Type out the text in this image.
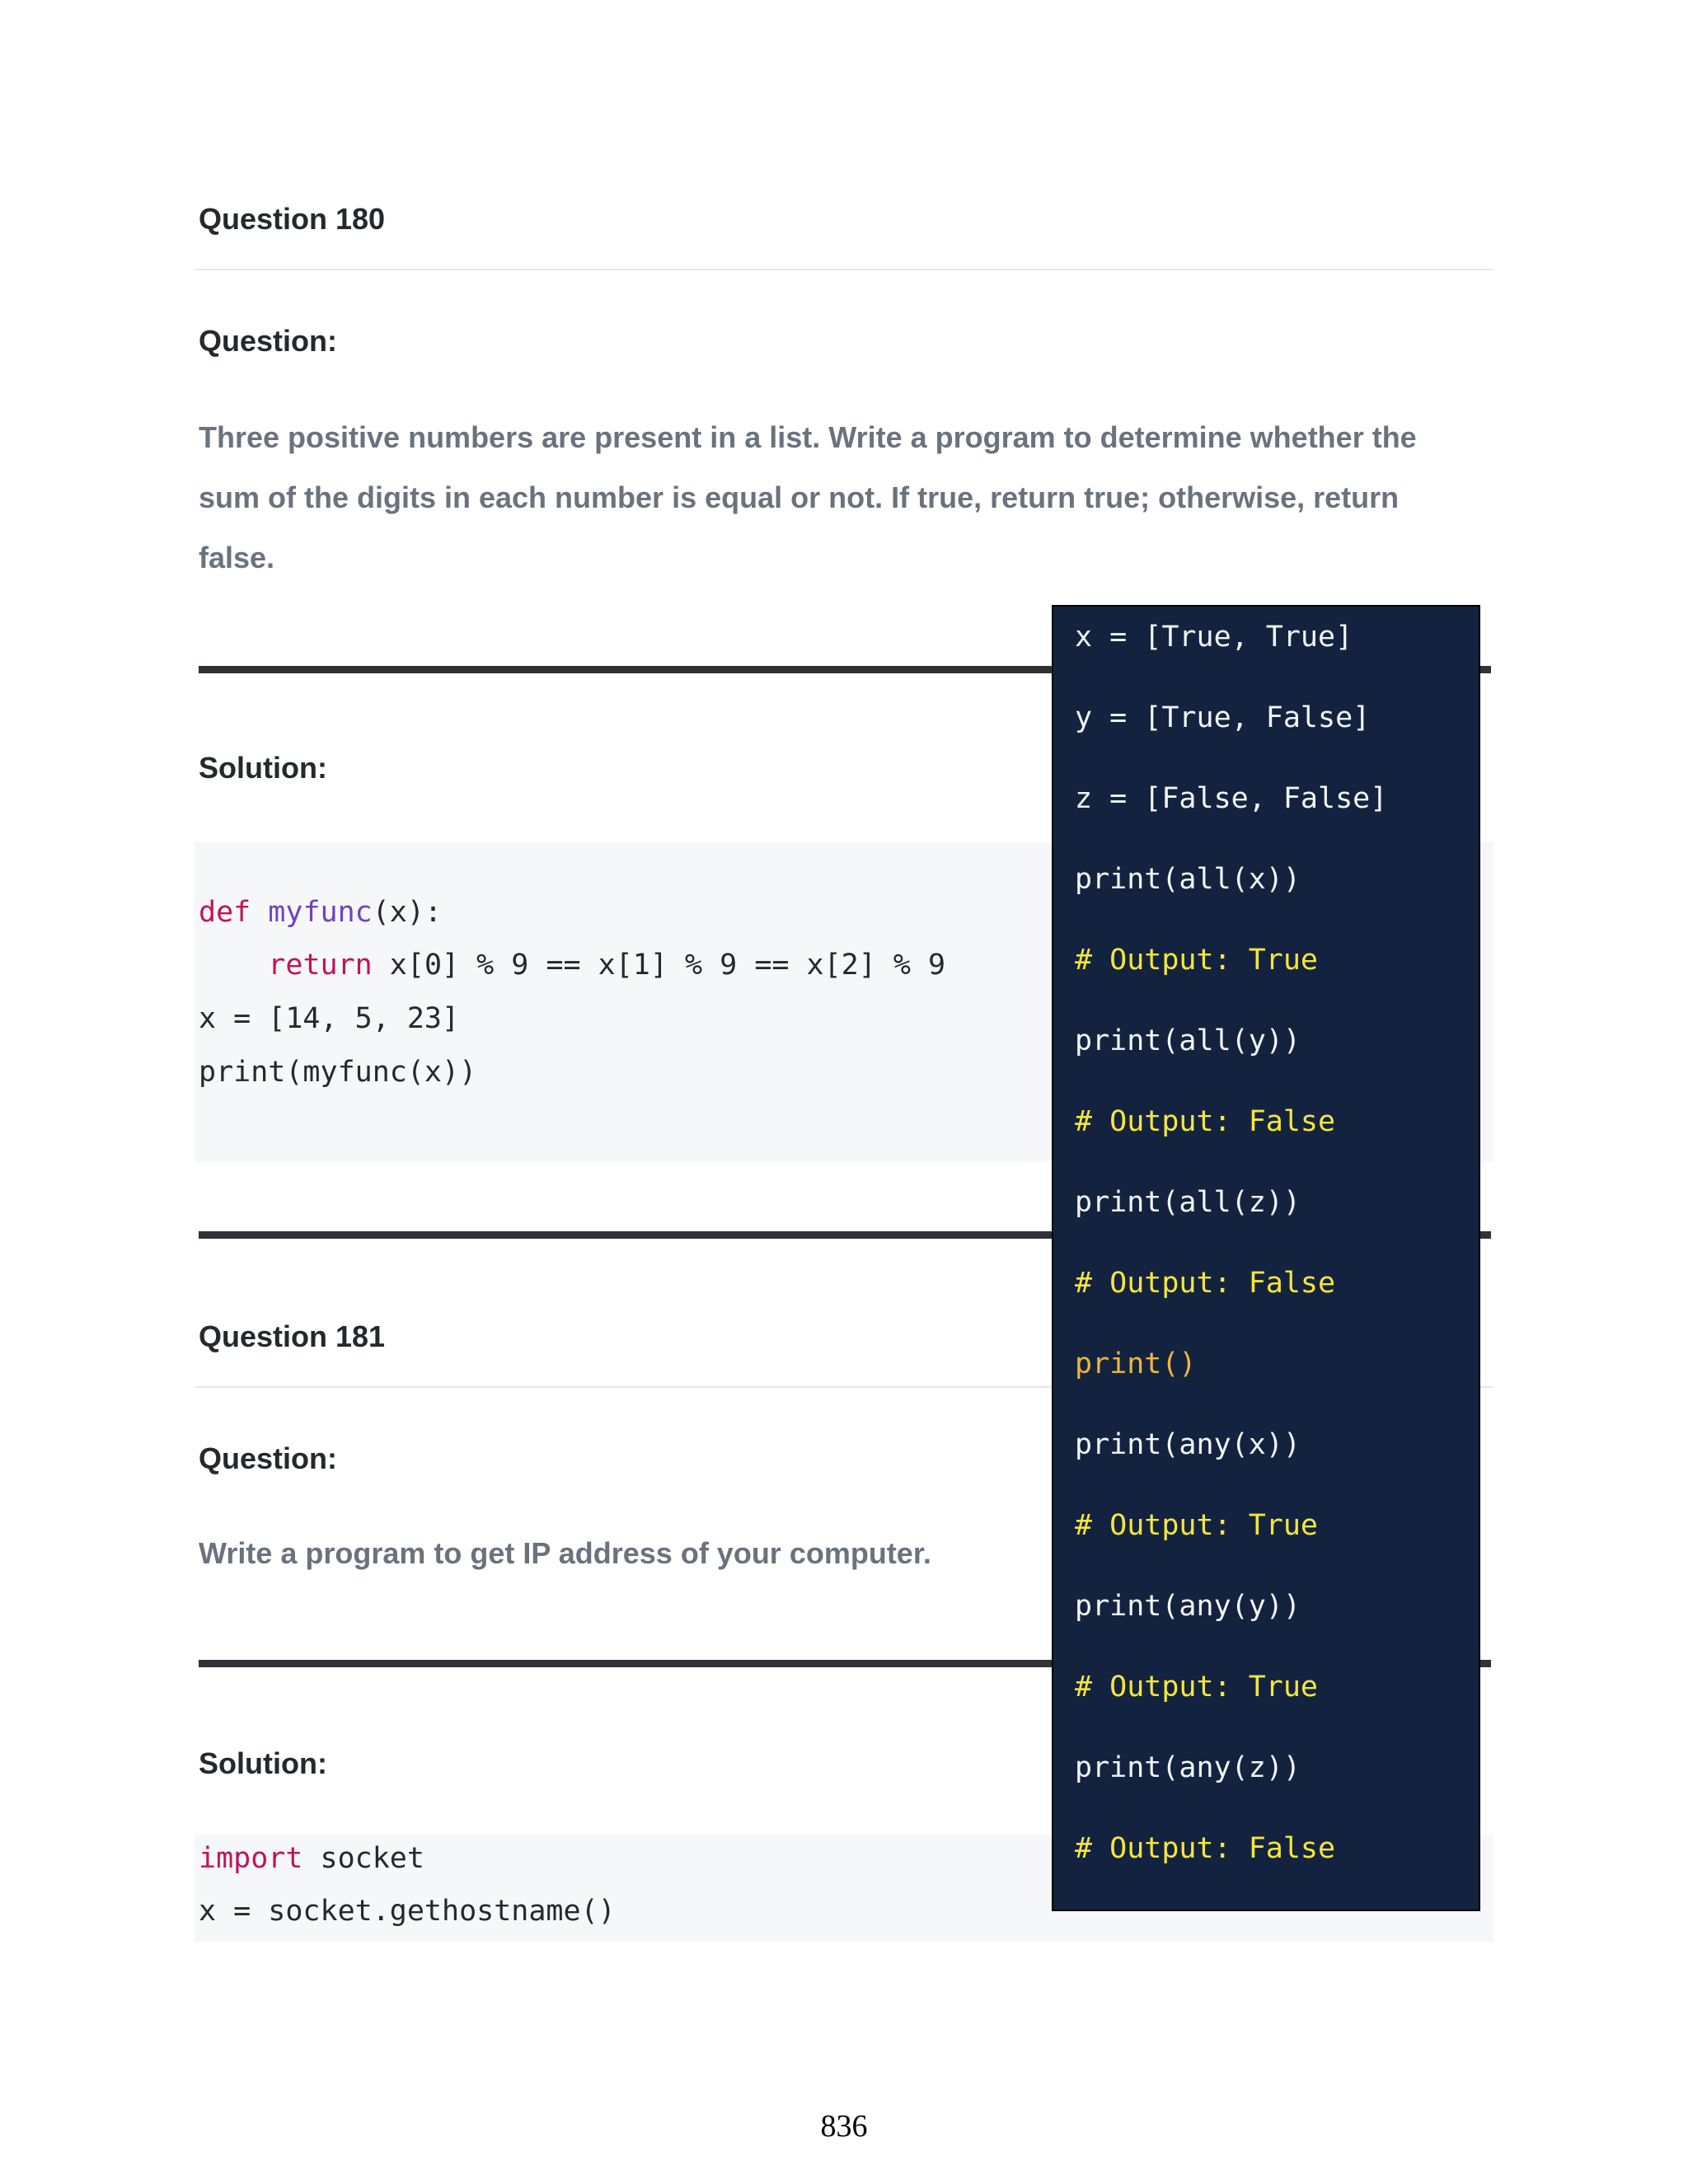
Question 180
Question:

Three positive numbers are present in a list. Write a program to determine whether the
sum of the digits in each number is equal or not. If true, return true; otherwise, return
false.

Solution:
def myfunc(x):
return x[0] % 9 == x[1] % 9 == x[2] % 9
x = [14, 5, 23]
print(myfunc(x))
Question 181
Question:

Write a program to get IP address of your computer.

Solution:
import socket
x = socket.gethostname()
x = [True, True]
y = [True, False]
z = [False, False]
print(all(x))
# Output: True
print(all(y))
# Output: False
print(all(z))
# Output: False
print()
print(any(x))
# Output: True
print(any(y))
# Output: True
print(any(z))
# Output: False
836
